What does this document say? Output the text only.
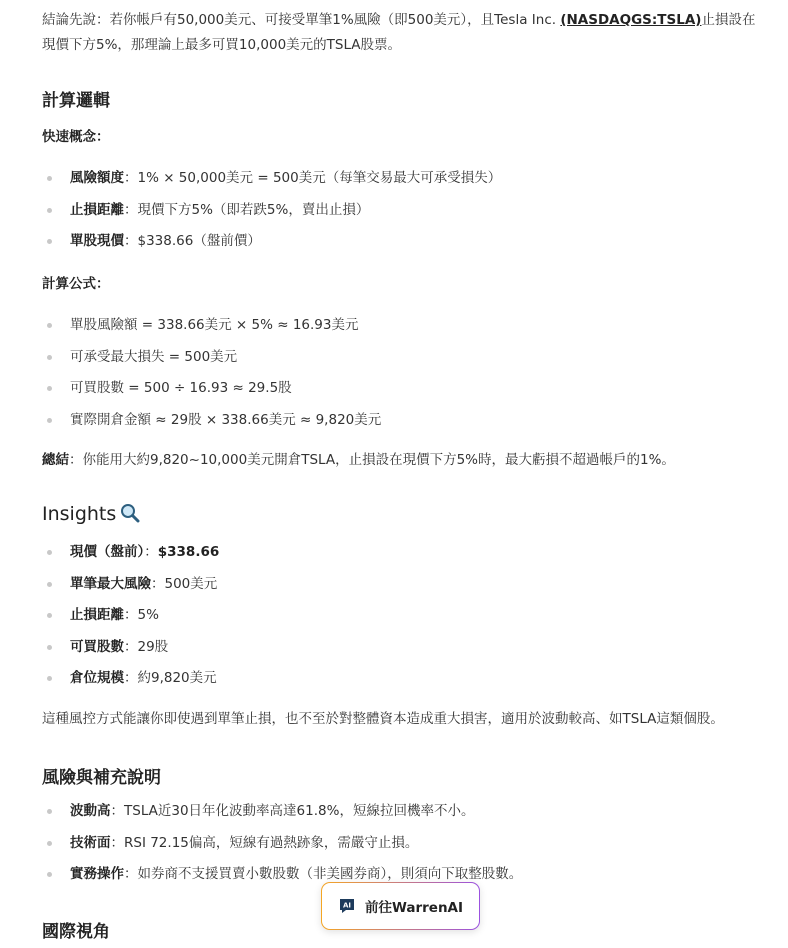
結論先說：若你帳戶有50,000美元、可接受單筆1%風險（即500美元），且Tesla Inc. (NASDAQGS:TSLA)止損設在現價下方5%，那理論上最多可買10,000美元的TSLA股票。

計算邏輯

快速概念：

風險額度：1% × 50,000美元 = 500美元（每筆交易最大可承受損失）
止損距離：現價下方5%（即若跌5%，賣出止損）
單股現價：$338.66（盤前價）

計算公式：

單股風險額 = 338.66美元 × 5% ≈ 16.93美元
可承受最大損失 = 500美元
可買股數 = 500 ÷ 16.93 ≈ 29.5股
實際開倉金額 ≈ 29股 × 338.66美元 ≈ 9,820美元

總結：你能用大約9,820~10,000美元開倉TSLA，止損設在現價下方5%時，最大虧損不超過帳戶的1%。

Insights
現價（盤前）：$338.66
單筆最大風險：500美元
止損距離：5%
可買股數：29股
倉位規模：約9,820美元

這種風控方式能讓你即使遇到單筆止損，也不至於對整體資本造成重大損害，適用於波動較高、如TSLA這類個股。

風險與補充說明
波動高：TSLA近30日年化波動率高達61.8%，短線拉回機率不小。
技術面：RSI 72.15偏高，短線有過熱跡象，需嚴守止損。
實務操作：如券商不支援買賣小數股數（非美國券商），則須向下取整股數。
國際視角
AI 前往WarrenAI
